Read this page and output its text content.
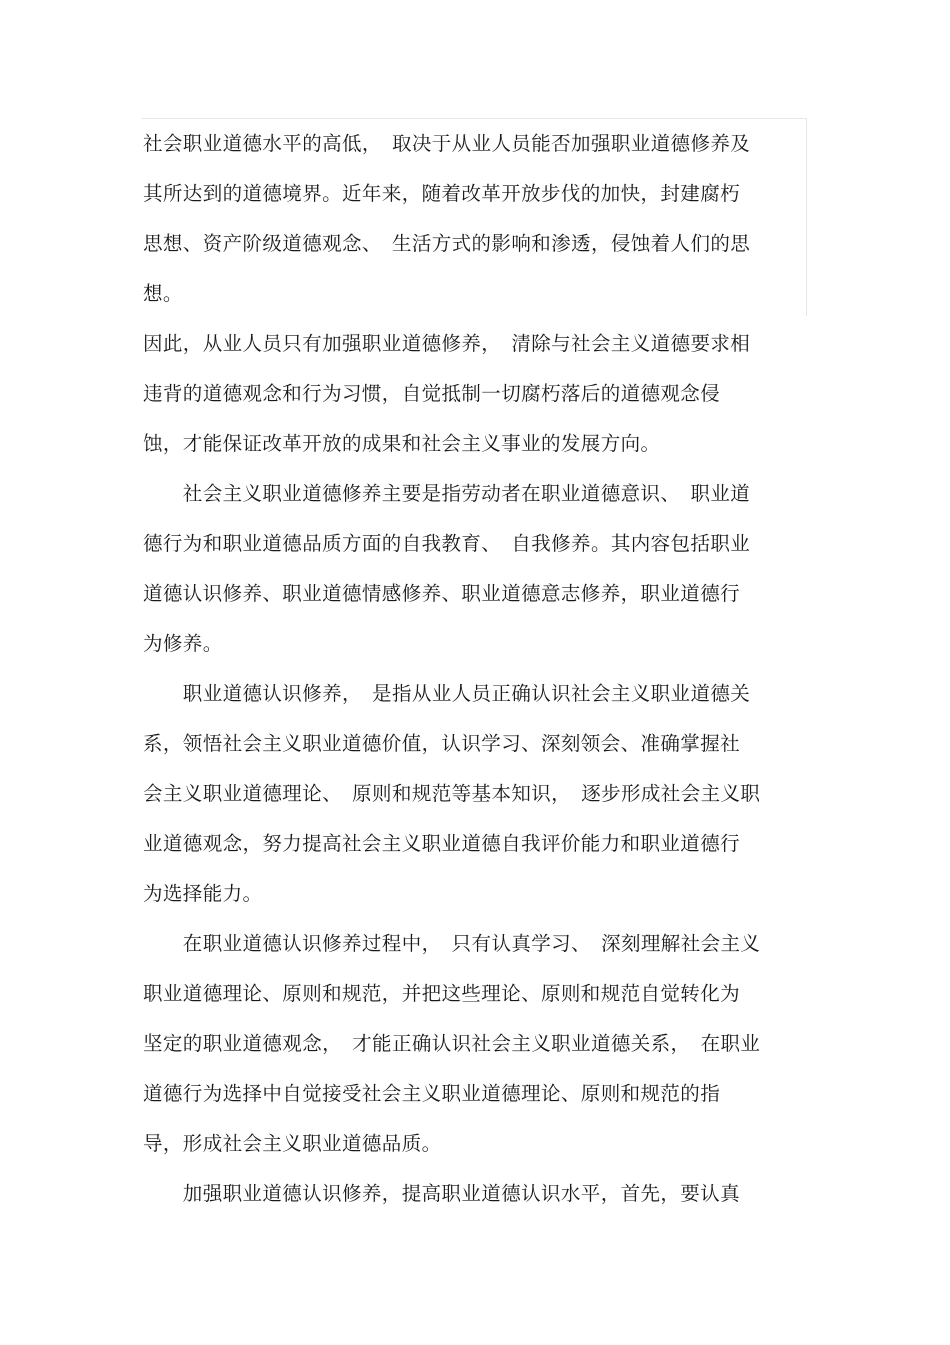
社会职业道德水平的高低，　取决于从业人员能否加强职业道德修养及
其所达到的道德境界。近年来，随着改革开放步伐的加快，封建腐朽
思想、资产阶级道德观念、　生活方式的影响和渗透，侵蚀着人们的思
想。
因此，从业人员只有加强职业道德修养，　清除与社会主义道德要求相
违背的道德观念和行为习惯，自觉抵制一切腐朽落后的道德观念侵
蚀，才能保证改革开放的成果和社会主义事业的发展方向。
　　社会主义职业道德修养主要是指劳动者在职业道德意识、　职业道
德行为和职业道德品质方面的自我教育、　自我修养。其内容包括职业
道德认识修养、职业道德情感修养、职业道德意志修养，职业道德行
为修养。
　　职业道德认识修养，　是指从业人员正确认识社会主义职业道德关
系，领悟社会主义职业道德价值，认识学习、深刻领会、准确掌握社
会主义职业道德理论、　原则和规范等基本知识，　逐步形成社会主义职
业道德观念，努力提高社会主义职业道德自我评价能力和职业道德行
为选择能力。
　　在职业道德认识修养过程中，　只有认真学习、　深刻理解社会主义
职业道德理论、原则和规范，并把这些理论、原则和规范自觉转化为
坚定的职业道德观念，　才能正确认识社会主义职业道德关系，　在职业
道德行为选择中自觉接受社会主义职业道德理论、原则和规范的指
导，形成社会主义职业道德品质。
　　加强职业道德认识修养，提高职业道德认识水平，首先，要认真
